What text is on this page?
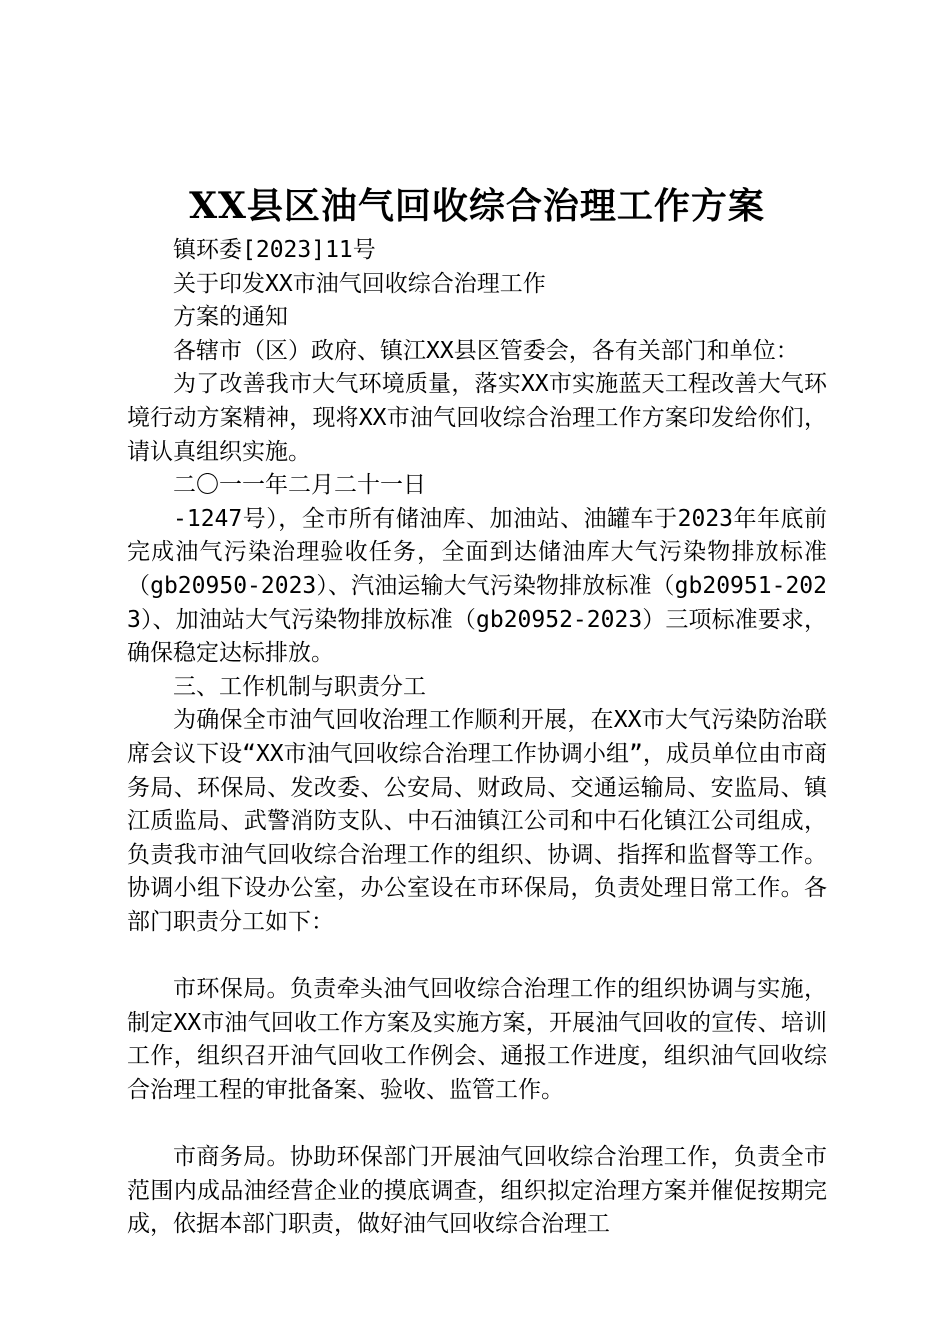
XX县区油气回收综合治理工作方案

镇环委[2023]11号

关于印发XX市油气回收综合治理工作

方案的通知

各辖市（区）政府、镇江XX县区管委会，各有关部门和单位：

为了改善我市大气环境质量，落实XX市实施蓝天工程改善大气环境行动方案精神，现将XX市油气回收综合治理工作方案印发给你们，请认真组织实施。

二〇一一年二月二十一日

-1247号），全市所有储油库、加油站、油罐车于2023年年底前完成油气污染治理验收任务，全面到达储油库大气污染物排放标准（gb20950-2023）、汽油运输大气污染物排放标准（gb20951-2023）、加油站大气污染物排放标准（gb20952-2023）三项标准要求，确保稳定达标排放。

三、工作机制与职责分工

为确保全市油气回收治理工作顺利开展，在XX市大气污染防治联席会议下设“XX市油气回收综合治理工作协调小组”，成员单位由市商务局、环保局、发改委、公安局、财政局、交通运输局、安监局、镇江质监局、武警消防支队、中石油镇江公司和中石化镇江公司组成，负责我市油气回收综合治理工作的组织、协调、指挥和监督等工作。协调小组下设办公室，办公室设在市环保局，负责处理日常工作。各部门职责分工如下：

市环保局。负责牵头油气回收综合治理工作的组织协调与实施，制定XX市油气回收工作方案及实施方案，开展油气回收的宣传、培训工作，组织召开油气回收工作例会、通报工作进度，组织油气回收综合治理工程的审批备案、验收、监管工作。

市商务局。协助环保部门开展油气回收综合治理工作，负责全市范围内成品油经营企业的摸底调查，组织拟定治理方案并催促按期完成，依据本部门职责，做好油气回收综合治理工
